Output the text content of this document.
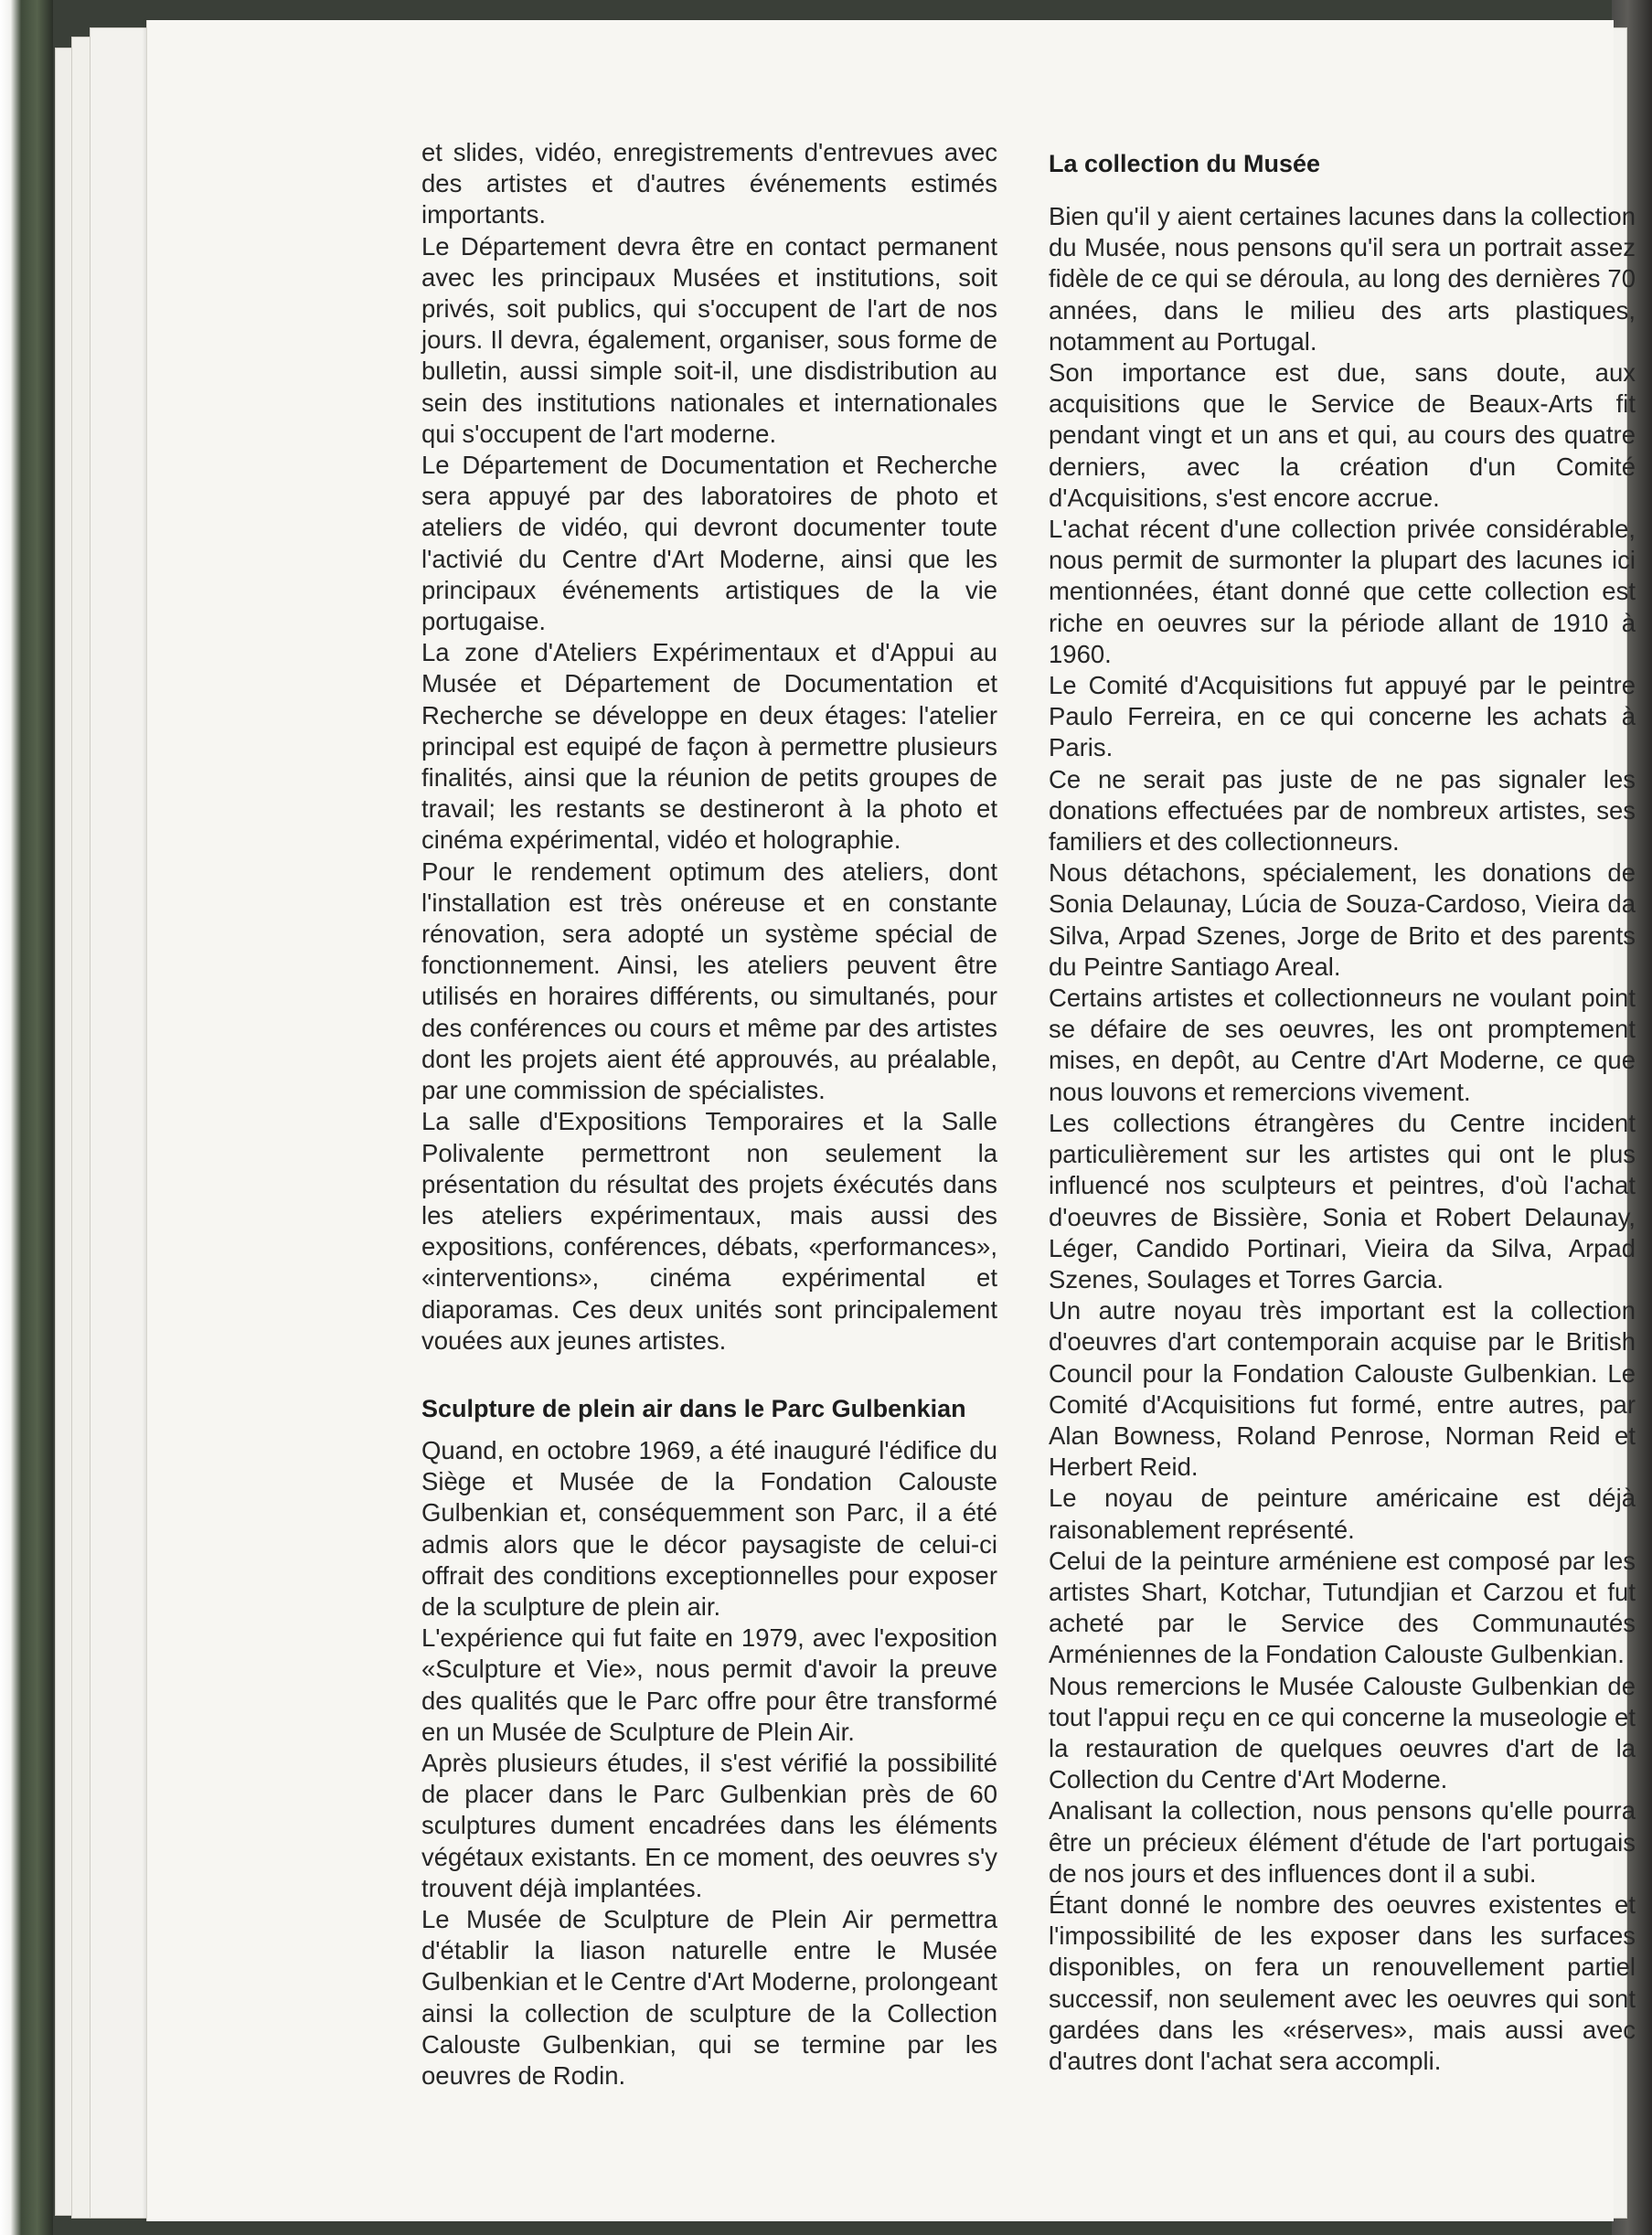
et slides, vidéo, enregistrements d'entrevues avec des artistes et d'autres événements estimés importants.

Le Département devra être en contact permanent avec les principaux Musées et institutions, soit privés, soit publics, qui s'occupent de l'art de nos jours. Il devra, également, organiser, sous forme de bulletin, aussi simple soit-il, une disdistribution au sein des institutions nationales et internationales qui s'occupent de l'art moderne.

Le Département de Documentation et Recherche sera appuyé par des laboratoires de photo et ateliers de vidéo, qui devront documenter toute l'activié du Centre d'Art Moderne, ainsi que les principaux événements artistiques de la vie portugaise.

La zone d'Ateliers Expérimentaux et d'Appui au Musée et Département de Documentation et Recherche se développe en deux étages: l'atelier principal est equipé de façon à permettre plusieurs finalités, ainsi que la réunion de petits groupes de travail; les restants se destineront à la photo et cinéma expérimental, vidéo et holographie.

Pour le rendement optimum des ateliers, dont l'installation est très onéreuse et en constante rénovation, sera adopté un système spécial de fonctionnement. Ainsi, les ateliers peuvent être utilisés en horaires différents, ou simultanés, pour des conférences ou cours et même par des artistes dont les projets aient été approuvés, au préalable, par une commission de spécialistes.

La salle d'Expositions Temporaires et la Salle Polivalente permettront non seulement la présentation du résultat des projets éxécutés dans les ateliers expérimentaux, mais aussi des expositions, conférences, débats, «performances», «interventions», cinéma expérimental et diaporamas. Ces deux unités sont principalement vouées aux jeunes artistes.

Sculpture de plein air dans le Parc Gulbenkian

Quand, en octobre 1969, a été inauguré l'édifice du Siège et Musée de la Fondation Calouste Gulbenkian et, conséquemment son Parc, il a été admis alors que le décor paysagiste de celui-ci offrait des conditions exceptionnelles pour exposer de la sculpture de plein air.

L'expérience qui fut faite en 1979, avec l'exposition «Sculpture et Vie», nous permit d'avoir la preuve des qualités que le Parc offre pour être transformé en un Musée de Sculpture de Plein Air.

Après plusieurs études, il s'est vérifié la possibilité de placer dans le Parc Gulbenkian près de 60 sculptures dument encadrées dans les éléments végétaux existants. En ce moment, des oeuvres s'y trouvent déjà implantées.

Le Musée de Sculpture de Plein Air permettra d'établir la liason naturelle entre le Musée Gulbenkian et le Centre d'Art Moderne, prolongeant ainsi la collection de sculpture de la Collection Calouste Gulbenkian, qui se termine par les oeuvres de Rodin.

La collection du Musée

Bien qu'il y aient certaines lacunes dans la collection du Musée, nous pensons qu'il sera un portrait assez fidèle de ce qui se déroula, au long des dernières 70 années, dans le milieu des arts plastiques, notamment au Portugal.

Son importance est due, sans doute, aux acquisitions que le Service de Beaux-Arts fit pendant vingt et un ans et qui, au cours des quatre derniers, avec la création d'un Comité d'Acquisitions, s'est encore accrue.

L'achat récent d'une collection privée considérable, nous permit de surmonter la plupart des lacunes ici mentionnées, étant donné que cette collection est riche en oeuvres sur la période allant de 1910 à 1960.

Le Comité d'Acquisitions fut appuyé par le peintre Paulo Ferreira, en ce qui concerne les achats à Paris.

Ce ne serait pas juste de ne pas signaler les donations effectuées par de nombreux artistes, ses familiers et des collectionneurs.

Nous détachons, spécialement, les donations de Sonia Delaunay, Lúcia de Souza-Cardoso, Vieira da Silva, Arpad Szenes, Jorge de Brito et des parents du Peintre Santiago Areal.

Certains artistes et collectionneurs ne voulant point se défaire de ses oeuvres, les ont promptement mises, en depôt, au Centre d'Art Moderne, ce que nous louvons et remercions vivement.

Les collections étrangères du Centre incident particulièrement sur les artistes qui ont le plus influencé nos sculpteurs et peintres, d'où l'achat d'oeuvres de Bissière, Sonia et Robert Delaunay, Léger, Candido Portinari, Vieira da Silva, Arpad Szenes, Soulages et Torres Garcia.

Un autre noyau très important est la collection d'oeuvres d'art contemporain acquise par le British Council pour la Fondation Calouste Gulbenkian. Le Comité d'Acquisitions fut formé, entre autres, par Alan Bowness, Roland Penrose, Norman Reid et Herbert Reid.

Le noyau de peinture américaine est déjà raisonablement représenté.

Celui de la peinture arméniene est composé par les artistes Shart, Kotchar, Tutundjian et Carzou et fut acheté par le Service des Communautés Arméniennes de la Fondation Calouste Gulbenkian.

Nous remercions le Musée Calouste Gulbenkian de tout l'appui reçu en ce qui concerne la museologie et la restauration de quelques oeuvres d'art de la Collection du Centre d'Art Moderne.

Analisant la collection, nous pensons qu'elle pourra être un précieux élément d'étude de l'art portugais de nos jours et des influences dont il a subi.

Étant donné le nombre des oeuvres existentes et l'impossibilité de les exposer dans les surfaces disponibles, on fera un renouvellement partiel successif, non seulement avec les oeuvres qui sont gardées dans les «réserves», mais aussi avec d'autres dont l'achat sera accompli.
